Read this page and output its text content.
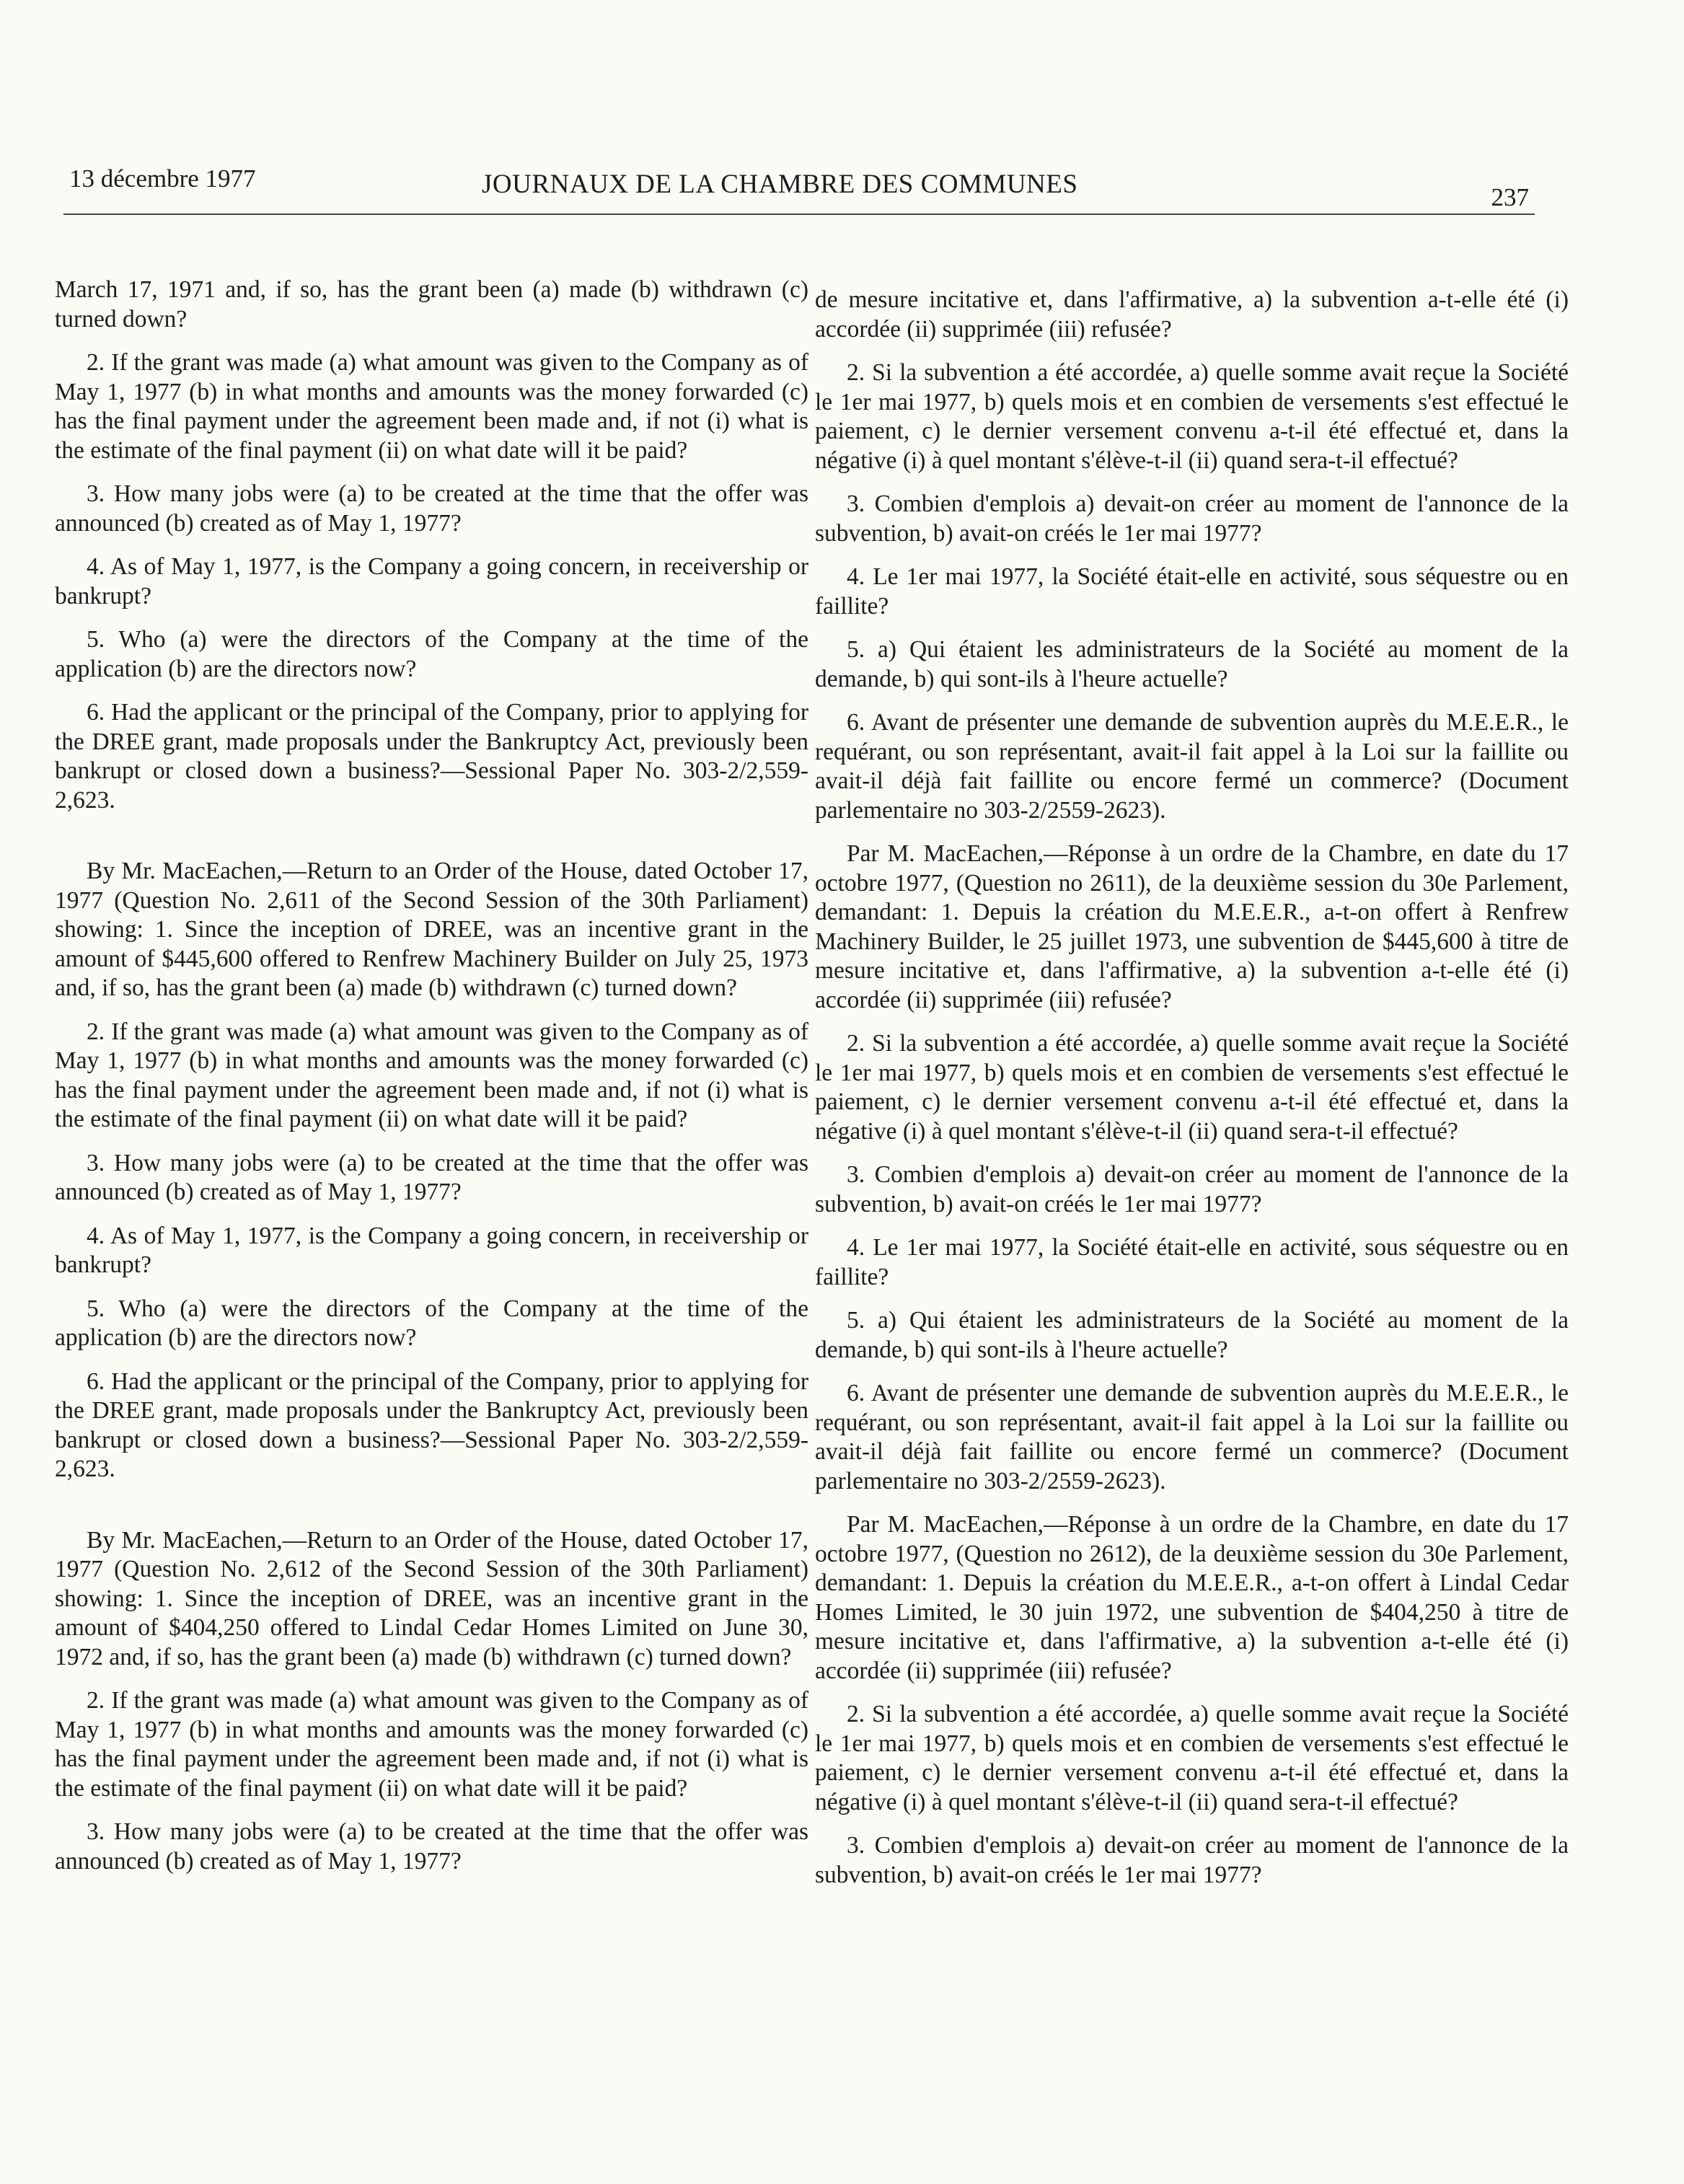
13 décembre 1977	JOURNAUX DE LA CHAMBRE DES COMMUNES	237

March 17, 1971 and, if so, has the grant been (a) made (b) withdrawn (c) turned down?

2. If the grant was made (a) what amount was given to the Company as of May 1, 1977 (b) in what months and amounts was the money forwarded (c) has the final payment under the agreement been made and, if not (i) what is the estimate of the final payment (ii) on what date will it be paid?

3. How many jobs were (a) to be created at the time that the offer was announced (b) created as of May 1, 1977?

4. As of May 1, 1977, is the Company a going concern, in receivership or bankrupt?

5. Who (a) were the directors of the Company at the time of the application (b) are the directors now?

6. Had the applicant or the principal of the Company, prior to applying for the DREE grant, made proposals under the Bankruptcy Act, previously been bankrupt or closed down a business?—Sessional Paper No. 303-2/2,559-2,623.

By Mr. MacEachen,—Return to an Order of the House, dated October 17, 1977 (Question No. 2,611 of the Second Session of the 30th Parliament) showing: 1. Since the inception of DREE, was an incentive grant in the amount of $445,600 offered to Renfrew Machinery Builder on July 25, 1973 and, if so, has the grant been (a) made (b) withdrawn (c) turned down?

2. If the grant was made (a) what amount was given to the Company as of May 1, 1977 (b) in what months and amounts was the money forwarded (c) has the final payment under the agreement been made and, if not (i) what is the estimate of the final payment (ii) on what date will it be paid?

3. How many jobs were (a) to be created at the time that the offer was announced (b) created as of May 1, 1977?

4. As of May 1, 1977, is the Company a going concern, in receivership or bankrupt?

5. Who (a) were the directors of the Company at the time of the application (b) are the directors now?

6. Had the applicant or the principal of the Company, prior to applying for the DREE grant, made proposals under the Bankruptcy Act, previously been bankrupt or closed down a business?—Sessional Paper No. 303-2/2,559-2,623.

By Mr. MacEachen,—Return to an Order of the House, dated October 17, 1977 (Question No. 2,612 of the Second Session of the 30th Parliament) showing: 1. Since the inception of DREE, was an incentive grant in the amount of $404,250 offered to Lindal Cedar Homes Limited on June 30, 1972 and, if so, has the grant been (a) made (b) withdrawn (c) turned down?

2. If the grant was made (a) what amount was given to the Company as of May 1, 1977 (b) in what months and amounts was the money forwarded (c) has the final payment under the agreement been made and, if not (i) what is the estimate of the final payment (ii) on what date will it be paid?

3. How many jobs were (a) to be created at the time that the offer was announced (b) created as of May 1, 1977?

de mesure incitative et, dans l'affirmative, a) la subvention a-t-elle été (i) accordée (ii) supprimée (iii) refusée?

2. Si la subvention a été accordée, a) quelle somme avait reçue la Société le 1er mai 1977, b) quels mois et en combien de versements s'est effectué le paiement, c) le dernier versement convenu a-t-il été effectué et, dans la négative (i) à quel montant s'élève-t-il (ii) quand sera-t-il effectué?

3. Combien d'emplois a) devait-on créer au moment de l'annonce de la subvention, b) avait-on créés le 1er mai 1977?

4. Le 1er mai 1977, la Société était-elle en activité, sous séquestre ou en faillite?

5. a) Qui étaient les administrateurs de la Société au moment de la demande, b) qui sont-ils à l'heure actuelle?

6. Avant de présenter une demande de subvention auprès du M.E.E.R., le requérant, ou son représentant, avait-il fait appel à la Loi sur la faillite ou avait-il déjà fait faillite ou encore fermé un commerce? (Document parlementaire no 303-2/2559-2623).

Par M. MacEachen,—Réponse à un ordre de la Chambre, en date du 17 octobre 1977, (Question no 2611), de la deuxième session du 30e Parlement, demandant: 1. Depuis la création du M.E.E.R., a-t-on offert à Renfrew Machinery Builder, le 25 juillet 1973, une subvention de $445,600 à titre de mesure incitative et, dans l'affirmative, a) la subvention a-t-elle été (i) accordée (ii) supprimée (iii) refusée?

2. Si la subvention a été accordée, a) quelle somme avait reçue la Société le 1er mai 1977, b) quels mois et en combien de versements s'est effectué le paiement, c) le dernier versement convenu a-t-il été effectué et, dans la négative (i) à quel montant s'élève-t-il (ii) quand sera-t-il effectué?

3. Combien d'emplois a) devait-on créer au moment de l'annonce de la subvention, b) avait-on créés le 1er mai 1977?

4. Le 1er mai 1977, la Société était-elle en activité, sous séquestre ou en faillite?

5. a) Qui étaient les administrateurs de la Société au moment de la demande, b) qui sont-ils à l'heure actuelle?

6. Avant de présenter une demande de subvention auprès du M.E.E.R., le requérant, ou son représentant, avait-il fait appel à la Loi sur la faillite ou avait-il déjà fait faillite ou encore fermé un commerce? (Document parlementaire no 303-2/2559-2623).

Par M. MacEachen,—Réponse à un ordre de la Chambre, en date du 17 octobre 1977, (Question no 2612), de la deuxième session du 30e Parlement, demandant: 1. Depuis la création du M.E.E.R., a-t-on offert à Lindal Cedar Homes Limited, le 30 juin 1972, une subvention de $404,250 à titre de mesure incitative et, dans l'affirmative, a) la subvention a-t-elle été (i) accordée (ii) supprimée (iii) refusée?

2. Si la subvention a été accordée, a) quelle somme avait reçue la Société le 1er mai 1977, b) quels mois et en combien de versements s'est effectué le paiement, c) le dernier versement convenu a-t-il été effectué et, dans la négative (i) à quel montant s'élève-t-il (ii) quand sera-t-il effectué?

3. Combien d'emplois a) devait-on créer au moment de l'annonce de la subvention, b) avait-on créés le 1er mai 1977?
